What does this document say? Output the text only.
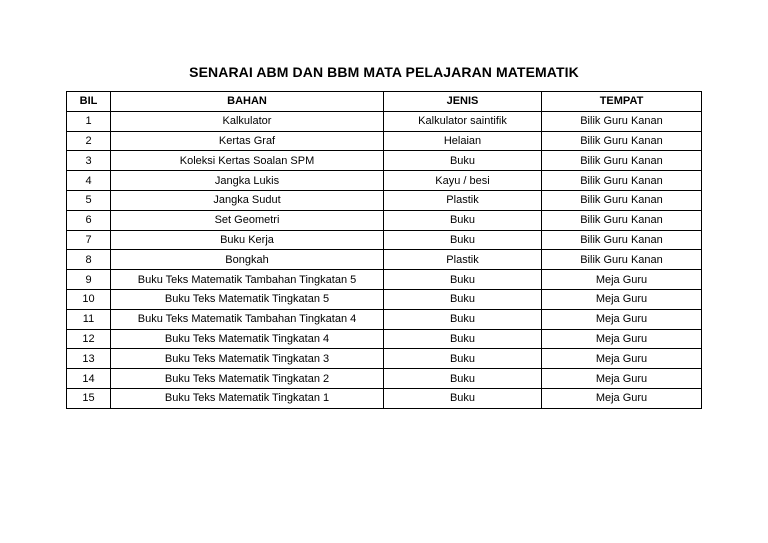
SENARAI ABM DAN BBM MATA PELAJARAN MATEMATIK
BIL	BAHAN	JENIS	TEMPAT
1	Kalkulator	Kalkulator saintifik	Bilik Guru Kanan
2	Kertas Graf	Helaian	Bilik Guru Kanan
3	Koleksi Kertas Soalan SPM	Buku	Bilik Guru Kanan
4	Jangka Lukis	Kayu / besi	Bilik Guru Kanan
5	Jangka Sudut	Plastik	Bilik Guru Kanan
6	Set Geometri	Buku	Bilik Guru Kanan
7	Buku Kerja	Buku	Bilik Guru Kanan
8	Bongkah	Plastik	Bilik Guru Kanan
9	Buku Teks Matematik Tambahan Tingkatan 5	Buku	Meja Guru
10	Buku Teks Matematik Tingkatan 5	Buku	Meja Guru
11	Buku Teks Matematik Tambahan Tingkatan 4	Buku	Meja Guru
12	Buku Teks Matematik Tingkatan 4	Buku	Meja Guru
13	Buku Teks Matematik Tingkatan 3	Buku	Meja Guru
14	Buku Teks Matematik Tingkatan 2	Buku	Meja Guru
15	Buku Teks Matematik Tingkatan 1	Buku	Meja Guru
